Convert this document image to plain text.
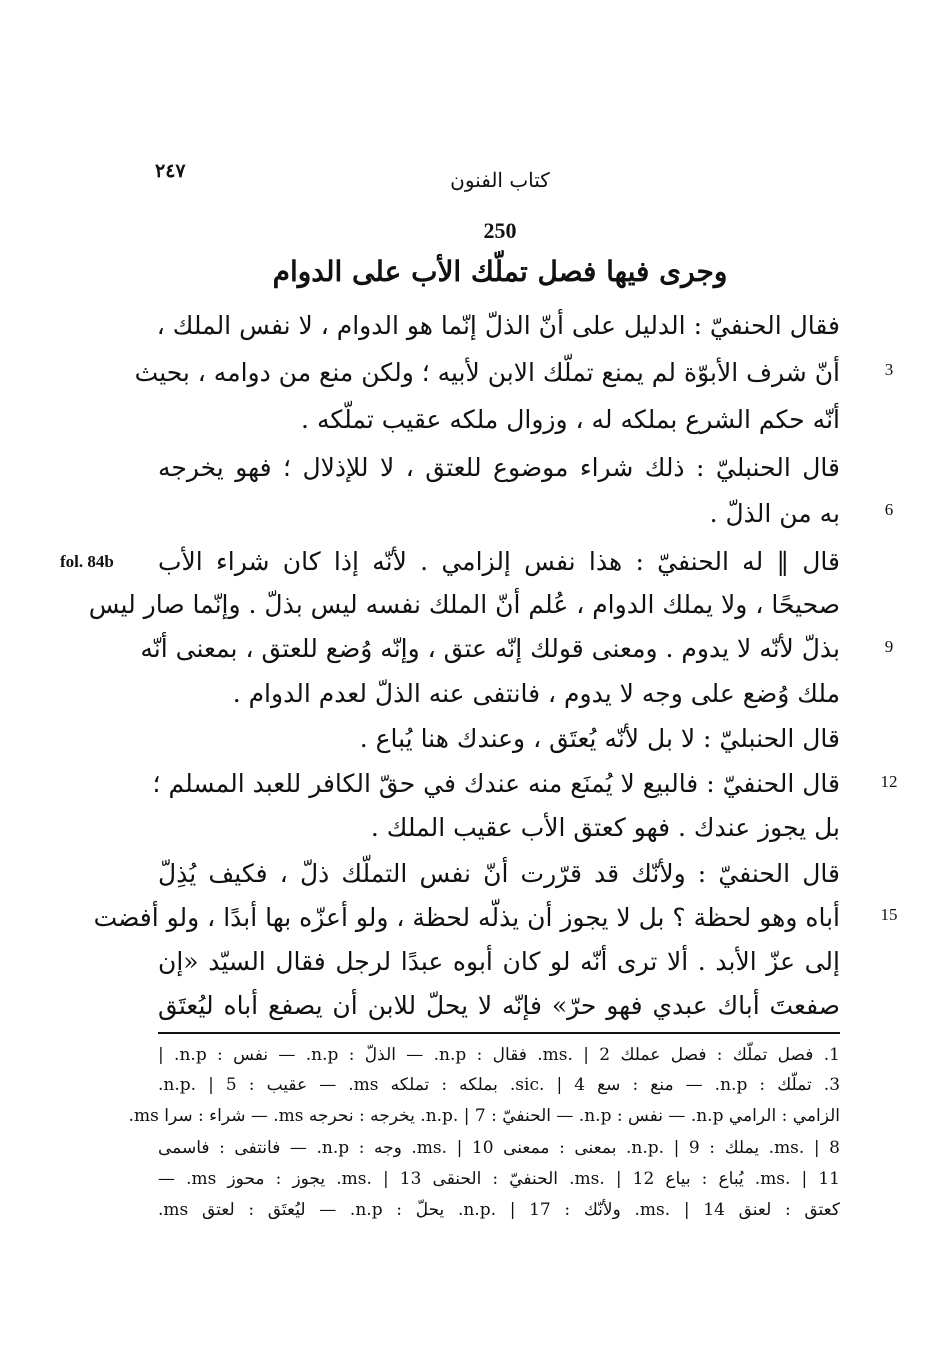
٢٤٧	كتاب الفنون
250
وجرى فيها فصل تملّك الأب على الدوام
فقال الحنفيّ : الدليل على أنّ الذلّ إنّما هو الدوام ، لا نفس الملك ،
أنّ شرف الأبوّة لم يمنع تملّك الابن لأبيه ؛ ولكن منع من دوامه ، بحيث
أنّه حكم الشرع بملكه له ، وزوال ملكه عقيب تملّكه .
قال الحنبليّ : ذلك شراء موضوع للعتق ، لا للإذلال ؛ فهو يخرجه
به من الذلّ .
قال ‖ له الحنفيّ : هذا نفس إلزامي . لأنّه إذا كان شراء الأب
صحيحًا ، ولا يملك الدوام ، عُلم أنّ الملك نفسه ليس بذلّ . وإنّما صار ليس
بذلّ لأنّه لا يدوم . ومعنى قولك إنّه عتق ، وإنّه وُضع للعتق ، بمعنى أنّه
ملك وُضع على وجه لا يدوم ، فانتفى عنه الذلّ لعدم الدوام .
قال الحنبليّ : لا بل لأنّه يُعتَق ، وعندك هنا يُباع .
قال الحنفيّ : فالبيع لا يُمنَع منه عندك في حقّ الكافر للعبد المسلم ؛
بل يجوز عندك . فهو كعتق الأب عقيب الملك .
قال الحنفيّ : ولأنّك قد قرّرت أنّ نفس التملّك ذلّ ، فكيف يُذِلّ
أباه وهو لحظة ؟ بل لا يجوز أن يذلّه لحظة ، ولو أعزّه بها أبدًا ، ولو أفضت
إلى عزّ الأبد . ألا ترى أنّه لو كان أبوه عبدًا لرجل فقال السيّد «إن
صفعتَ أباك عبدي فهو حرّ» فإنّه لا يحلّ للابن أن يصفع أباه ليُعتَق
3
6
9
12
15
fol. 84b
1. فصل تملّك : فصل عملك ms. | 2. فقال : n.p. — الذلّ : n.p. — نفس : n.p. |
3. تملّك : n.p. — منع : سع sic. | 4. بملكه : تملكه ms. — عقيب : n.p. | 5.
الزامي : الرامي n.p. — نفس : n.p. — الحنفيّ : n.p. | 7. يخرجه : نحرجه ms. — شراء : سرا ms.
ms. | 8. يملك : n.p. | 9. بمعنى : ممعنى ms. | 10. وجه : n.p. — فانتفى : فاسمى
ms. | 11. يُباع : بياع ms. | 12. الحنفيّ : الحنقى ms. | 13. يجوز : محوز ms. —
كعتق : لعنق ms. | 14. ولأنّك : n.p. | 17. يحلّ : n.p. — ليُعتَق : لعتق ms.
